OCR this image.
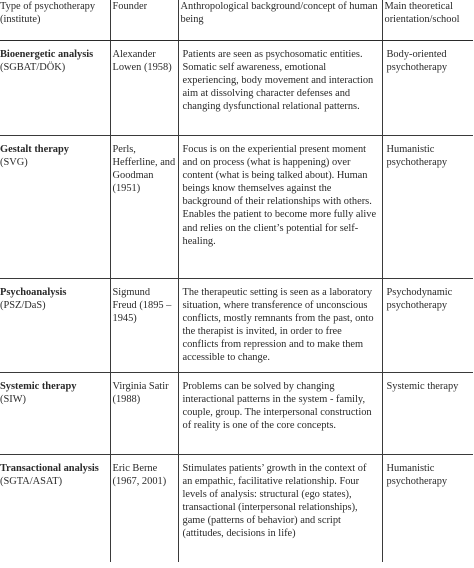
Type of psychotherapy (institute)	Founder	Anthropological background/concept of human being	Main theoretical orientation/school

Bioenergetic analysis
(SGBAT/DÖK)	Alexander Lowen (1958)	Patients are seen as psychosomatic entities. Somatic self awareness, emotional experiencing, body movement and interaction aim at dissolving character defenses and changing dysfunctional relational patterns.	Body-oriented psychotherapy

Gestalt therapy
(SVG)	Perls, Hefferline, and Goodman (1951)	Focus is on the experiential present moment and on process (what is happening) over content (what is being talked about). Human beings know themselves against the background of their relationships with others. Enables the patient to become more fully alive and relies on the client’s potential for self-healing.	Humanistic psychotherapy

Psychoanalysis
(PSZ/DaS)	Sigmund Freud (1895 – 1945)	The therapeutic setting is seen as a laboratory situation, where transference of unconscious conflicts, mostly remnants from the past, onto the therapist is invited, in order to free conflicts from repression and to make them accessible to change.	Psychodynamic psychotherapy

Systemic therapy
(SIW)	Virginia Satir (1988)	Problems can be solved by changing interactional patterns in the system - family, couple, group. The interpersonal construction of reality is one of the core concepts.	Systemic therapy

Transactional analysis
(SGTA/ASAT)	Eric Berne (1967, 2001)	Stimulates patients’ growth in the context of an empathic, facilitative relationship. Four levels of analysis: structural (ego states), transactional (interpersonal relationships), game (patterns of behavior) and script (attitudes, decisions in life)	Humanistic psychotherapy
